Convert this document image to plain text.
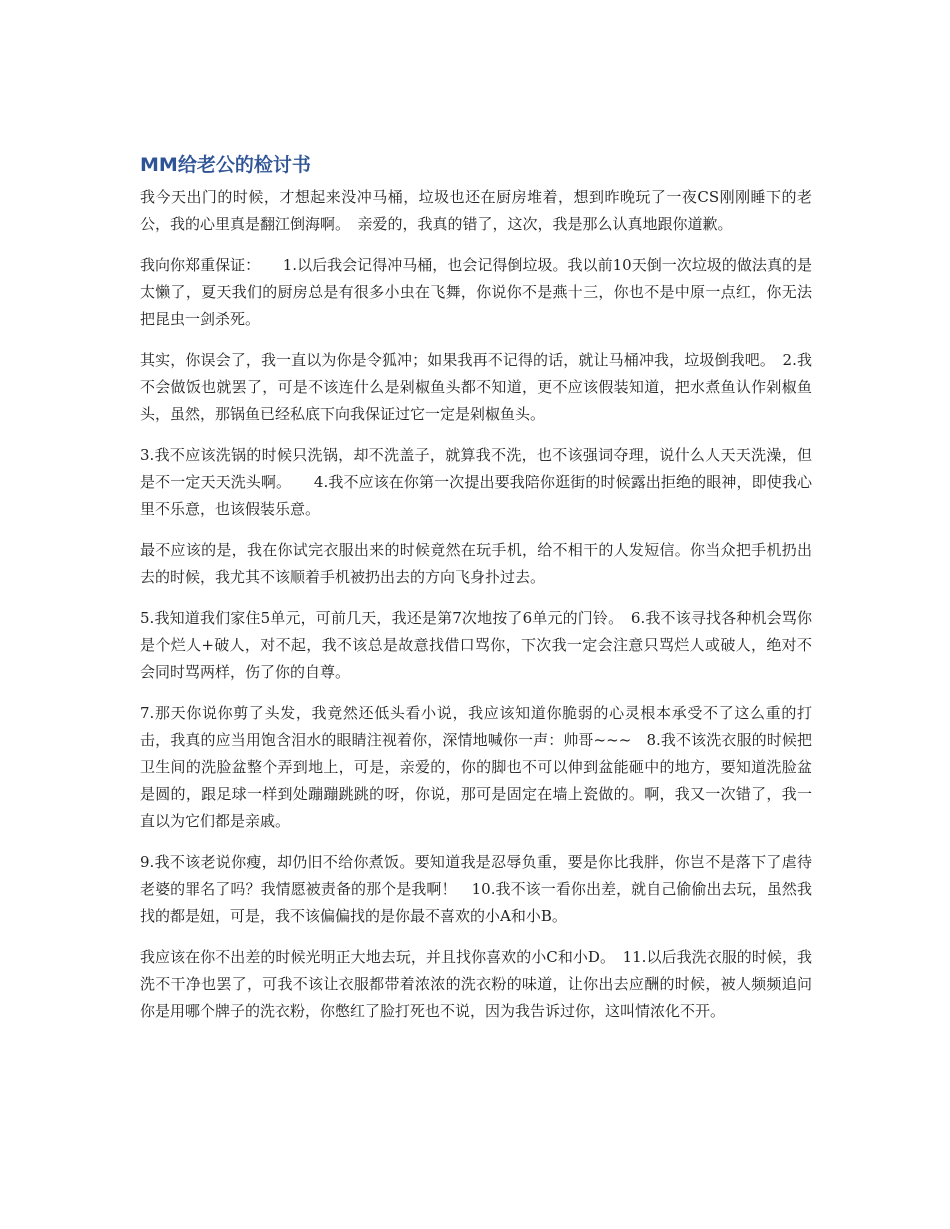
MM给老公的检讨书

我今天出门的时候，才想起来没冲马桶，垃圾也还在厨房堆着，想到昨晚玩了一夜CS刚刚睡下的老公，我的心里真是翻江倒海啊。　亲爱的，我真的错了，这次，我是那么认真地跟你道歉。

我向你郑重保证：　　1.以后我会记得冲马桶，也会记得倒垃圾。我以前10天倒一次垃圾的做法真的是太懒了，夏天我们的厨房总是有很多小虫在飞舞，你说你不是燕十三，你也不是中原一点红，你无法把昆虫一剑杀死。

其实，你误会了，我一直以为你是令狐冲；如果我再不记得的话，就让马桶冲我，垃圾倒我吧。　2.我不会做饭也就罢了，可是不该连什么是剁椒鱼头都不知道，更不应该假装知道，把水煮鱼认作剁椒鱼头，虽然，那锅鱼已经私底下向我保证过它一定是剁椒鱼头。

3.我不应该洗锅的时候只洗锅，却不洗盖子，就算我不洗，也不该强词夺理，说什么人天天洗澡，但是不一定天天洗头啊。　　4.我不应该在你第一次提出要我陪你逛街的时候露出拒绝的眼神，即使我心里不乐意，也该假装乐意。

最不应该的是，我在你试完衣服出来的时候竟然在玩手机，给不相干的人发短信。你当众把手机扔出去的时候，我尤其不该顺着手机被扔出去的方向飞身扑过去。

5.我知道我们家住5单元，可前几天，我还是第7次地按了6单元的门铃。　6.我不该寻找各种机会骂你是个烂人+破人，对不起，我不该总是故意找借口骂你，下次我一定会注意只骂烂人或破人，绝对不会同时骂两样，伤了你的自尊。

7.那天你说你剪了头发，我竟然还低头看小说，我应该知道你脆弱的心灵根本承受不了这么重的打击，我真的应当用饱含泪水的眼睛注视着你，深情地喊你一声：帅哥~~~　8.我不该洗衣服的时候把卫生间的洗脸盆整个弄到地上，可是，亲爱的，你的脚也不可以伸到盆能砸中的地方，要知道洗脸盆是圆的，跟足球一样到处蹦蹦跳跳的呀，你说，那可是固定在墙上瓷做的。啊，我又一次错了，我一直以为它们都是亲戚。

9.我不该老说你瘦，却仍旧不给你煮饭。要知道我是忍辱负重，要是你比我胖，你岂不是落下了虐待老婆的罪名了吗？我情愿被责备的那个是我啊！　10.我不该一看你出差，就自己偷偷出去玩，虽然我找的都是妞，可是，我不该偏偏找的是你最不喜欢的小A和小B。

我应该在你不出差的时候光明正大地去玩，并且找你喜欢的小C和小D。　11.以后我洗衣服的时候，我洗不干净也罢了，可我不该让衣服都带着浓浓的洗衣粉的味道，让你出去应酬的时候，被人频频追问你是用哪个牌子的洗衣粉，你憋红了脸打死也不说，因为我告诉过你，这叫情浓化不开。
